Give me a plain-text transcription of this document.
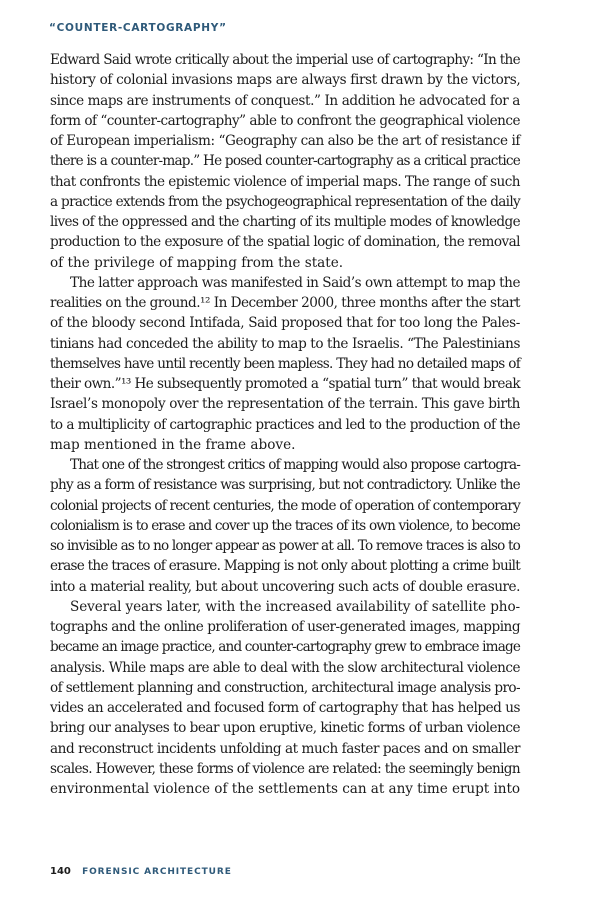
“COUNTER-CARTOGRAPHY”
Edward Said wrote critically about the imperial use of cartography: “In the
history of colonial invasions maps are always first drawn by the victors,
since maps are instruments of conquest.” In addition he advocated for a
form of “counter-cartography” able to confront the geographical violence
of European imperialism: “Geography can also be the art of resistance if
there is a counter-map.” He posed counter-cartography as a critical practice
that confronts the epistemic violence of imperial maps. The range of such
a practice extends from the psychogeographical representation of the daily
lives of the oppressed and the charting of its multiple modes of knowledge
production to the exposure of the spatial logic of domination, the removal
of the privilege of mapping from the state.
The latter approach was manifested in Said’s own attempt to map the
realities on the ground.¹² In December 2000, three months after the start
of the bloody second Intifada, Said proposed that for too long the Pales-
tinians had conceded the ability to map to the Israelis. “The Palestinians
themselves have until recently been mapless. They had no detailed maps of
their own.”¹³ He subsequently promoted a “spatial turn” that would break
Israel’s monopoly over the representation of the terrain. This gave birth
to a multiplicity of cartographic practices and led to the production of the
map mentioned in the frame above.
That one of the strongest critics of mapping would also propose cartogra-
phy as a form of resistance was surprising, but not contradictory. Unlike the
colonial projects of recent centuries, the mode of operation of contemporary
colonialism is to erase and cover up the traces of its own violence, to become
so invisible as to no longer appear as power at all. To remove traces is also to
erase the traces of erasure. Mapping is not only about plotting a crime built
into a material reality, but about uncovering such acts of double erasure.
Several years later, with the increased availability of satellite pho-
tographs and the online proliferation of user-generated images, mapping
became an image practice, and counter-cartography grew to embrace image
analysis. While maps are able to deal with the slow architectural violence
of settlement planning and construction, architectural image analysis pro-
vides an accelerated and focused form of cartography that has helped us
bring our analyses to bear upon eruptive, kinetic forms of urban violence
and reconstruct incidents unfolding at much faster paces and on smaller
scales. However, these forms of violence are related: the seemingly benign
environmental violence of the settlements can at any time erupt into
140 FORENSIC ARCHITECTURE
